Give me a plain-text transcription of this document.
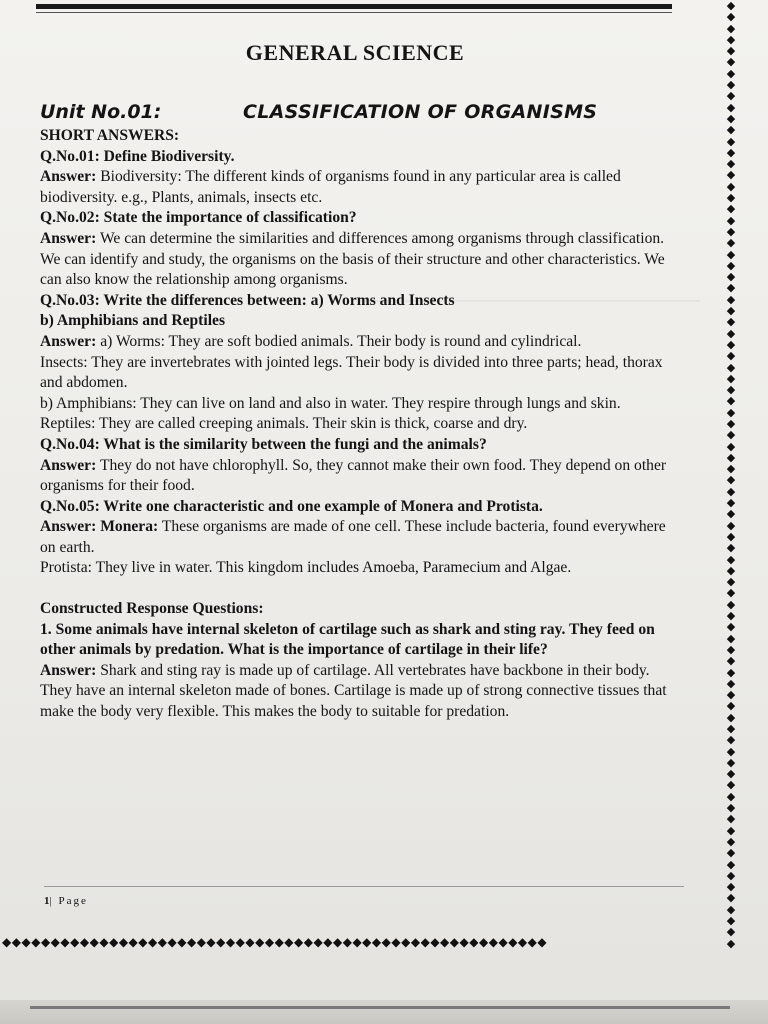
◆
◆
◆
◆
◆
◆
◆
◆
◆
◆
◆
◆
◆
◆
◆
◆
◆
◆
◆
◆
◆
◆
◆
◆
◆
◆
◆
◆
◆
◆
◆
◆
◆
◆
◆
◆
◆
◆
◆
◆
◆
◆
◆
◆
◆
◆
◆
◆
◆
◆
◆
◆
◆
◆
◆
◆
◆
◆
◆
◆
◆
◆
◆
◆
◆
◆
◆
◆
◆
◆
◆
◆
◆
◆
◆
◆
◆
◆
◆
◆
◆
◆
◆
◆
◆◆◆◆◆◆◆◆◆◆◆◆◆◆◆◆◆◆◆◆◆◆◆◆◆◆◆◆◆◆◆◆◆◆◆◆◆◆◆◆◆◆◆◆◆◆◆◆◆◆◆◆◆◆◆◆
GENERAL SCIENCE
Unit No.01:	CLASSIFICATION OF ORGANISMS

SHORT ANSWERS:

Q.No.01: Define Biodiversity.

Answer: Biodiversity: The different kinds of organisms found in any particular area is called biodiversity. e.g., Plants, animals, insects etc.

Q.No.02: State the importance of classification?

Answer: We can determine the similarities and differences among organisms through classification. We can identify and study, the organisms on the basis of their structure and other characteristics. We can also know the relationship among organisms.

Q.No.03: Write the differences between: a) Worms and Insects

b) Amphibians and Reptiles

Answer: a) Worms: They are soft bodied animals. Their body is round and cylindrical.

Insects: They are invertebrates with jointed legs. Their body is divided into three parts; head, thorax and abdomen.

b) Amphibians: They can live on land and also in water. They respire through lungs and skin.

Reptiles: They are called creeping animals. Their skin is thick, coarse and dry.

Q.No.04: What is the similarity between the fungi and the animals?

Answer: They do not have chlorophyll. So, they cannot make their own food. They depend on other organisms for their food.

Q.No.05: Write one characteristic and one example of Monera and Protista.

Answer: Monera: These organisms are made of one cell. These include bacteria, found everywhere on earth.

Protista: They live in water. This kingdom includes Amoeba, Paramecium and Algae.

Constructed Response Questions:

1. Some animals have internal skeleton of cartilage such as shark and sting ray. They feed on other animals by predation. What is the importance of cartilage in their life?

Answer: Shark and sting ray is made up of cartilage. All vertebrates have backbone in their body. They have an internal skeleton made of bones. Cartilage is made up of strong connective tissues that make the body very flexible. This makes the body to suitable for predation.

1| Page
